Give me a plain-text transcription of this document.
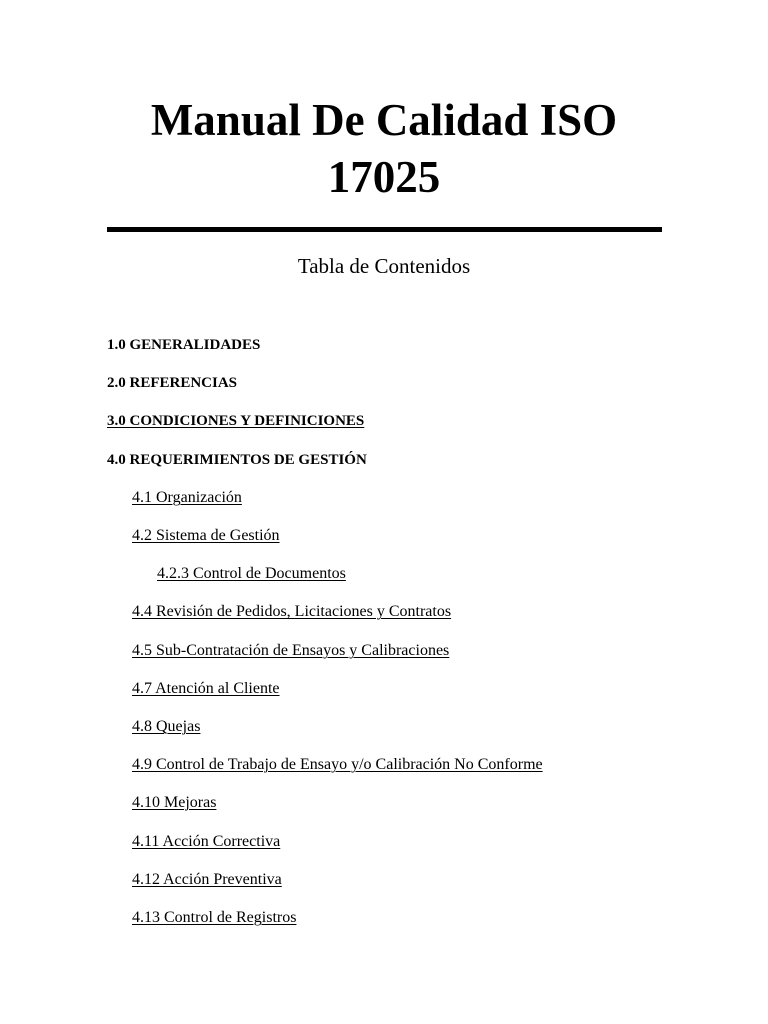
Manual De Calidad ISO
17025
Tabla de Contenidos
1.0 GENERALIDADES
2.0 REFERENCIAS
3.0 CONDICIONES Y DEFINICIONES
4.0 REQUERIMIENTOS DE GESTIÓN
4.1 Organización
4.2 Sistema de Gestión
4.2.3 Control de Documentos
4.4 Revisión de Pedidos, Licitaciones y Contratos
4.5 Sub-Contratación de Ensayos y Calibraciones
4.7 Atención al Cliente
4.8 Quejas
4.9 Control de Trabajo de Ensayo y/o Calibración No Conforme
4.10 Mejoras
4.11 Acción Correctiva
4.12 Acción Preventiva
4.13 Control de Registros
